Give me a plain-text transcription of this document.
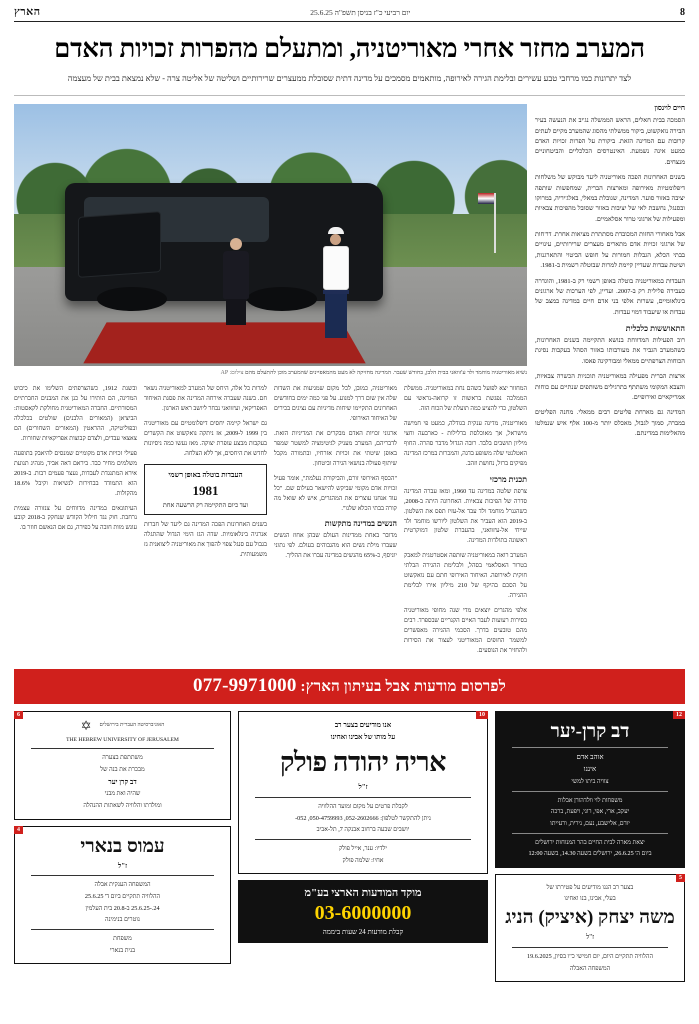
8
יום רביעי כ"ז בניסן תשפ"ה 25.6.25
הארץ
המערב מחזר אחרי מאוריטניה, ומתעלם מהפרות זכויות האדם
לצד יתרונות כמו מרחבי טבע עשירים ובלימת הגירה לאירופה, מותאמים מסמכים על מדינה דתית שסובלת ממעצרים שרירותיים ושליטה של אליטה צרה - שלא נמצאת בבית של מעצמה
חיים לוינסון

הסמכה בבית חאלים, הראש הממשלה נג'יב את הנעשה בעיר הבירה נואקשוט, ביקור ממשלתי מהסוג שהמערב מקיים לעתים קרובות עם המדינה הזאת. ביקורת על הפרות זכויות האדם כמעט אינה נשמעת. האינטרסים הכלכליים והביטחוניים מנצחים.

בשנים האחרונות הפכה מאוריטניה ליעד מבוקש של משלחות דיפלומטיות מאירופה ומארצות הברית, שמחפשות שותפה יציבה באזור סוער. המדינה, שגובלת במאלי, באלג'יריה, במרוקו ובסנגל, נחשבת לאי של יציבות באזור שסובל מהפיכות צבאיות ומפעילות של ארגוני טרור אסלאמיים.

אבל מאחורי החזות המכובדת מסתתרת מציאות אחרת. דו"חות של ארגוני זכויות אדם מתארים מעצרים שרירותיים, עינויים בבתי הכלא, הגבלות חמורות על חופש הביטוי והתארגנות, ושיטת עבדות שעדיין קיימת למרות שבוטלה רשמית ב-1981.

העבדות במאוריטניה בוטלה באופן רשמי רק ב-1981, והוגדרה כעבירה פלילית רק ב-2007. ועדיין, לפי הערכות של ארגונים בינלאומיים, עשרות אלפי בני אדם חיים במדינה במצב של עבדות או שיעבוד דמוי עבדות.

התאוששות כלכלית

רוב הפעילות המדווחת בנושא התקיימה בשנים האחרונות, כשהמערב הגביר את מעורבותו באזור הסהל בעקבות נסיגת הכוחות הצרפתיים ממאלי ומבורקינה פאסו.

ארצות הברית מפעילה במאוריטניה תוכניות הכשרה צבאיות, והצבא המקומי משתתף בתרגילים משותפים שנתיים עם כוחות אמריקאיים ואירופיים.

המדינה גם מארחת פליטים רבים ממאלי. מחנה הפליטים במברה, סמוך לגבול, מאכלס יותר מ-100 אלף איש שנמלטו מהאלימות במדינתם.

נשיא מאוריטניה מוחמד ולד ע'זוואני בבית הלבן, בחודש שעבר. המדינה מחזיקה לא מעט מהמאפיינים שהמערב מוכן להתעלם מהם צילום: AP

המחזור יצא לפועל כשהם נחת במאוריטניה. ממשלת הממלכה נפגשת בראשות זו קרואה-נראשי עם השלטון, כדי להציע כמה תועלת של הכוח הזה.

מאוריטניה, מדינה ענקית בגודלה, כמעט פי חמישה מישראל, אך מאוכלסת בדלילות - כארבעה וחצי מיליון תושבים בלבד. רובה הגדול מדבר סהרה. החוף האטלנטי שלה משופע בדגה, והמכרות במרכז המדינה מפיקים ברזל, נחושת וזהב.

תכנית מרכזי

צרפת שלטה במדינה עד 1960, ומאז עברה המדינה סדרה של הפיכות צבאיות. האחרונה היתה ב-2008, כשהגנרל מוחמד ולד עבד אל-עזיז תפס את השלטון. ב-2019 הוא העביר את השלטון ליורשו מוחמד ולד שייח' אל-ע'זוואני, בהעברת שלטון דמוקרטית ראשונה בתולדות המדינה.

המערב רואה במאוריטניה שותפה אסטרטגית למאבק בטרור האסלאמי בסהל, ולבלימת ההגירה הבלתי חוקית לאירופה. האיחוד האירופי חתם עם נואקשוט על הסכם בהיקף של 210 מיליון אירו לבלימת ההגירה.

אלפי מהגרים יוצאים מדי שנה מחופי מאוריטניה בסירות רעועות לעבר האיים הקנריים שבספרד. רבים מהם טובעים בדרך. הסכמי ההגירה מאפשרים למשמר החופים המאוריטני לעצור את הסירות ולהחזיר את הנוסעים.

מאוריטניה, כמובן, לכל מקום שמגיעות את השדות שלה אין שום דרך למנוע. על פני כמה ימים בחודשים האחרונים התקיימו שיחות מדיניות עם נציגים בכירים של האיחוד האירופי.

ארגוני זכויות האדם מבקרים את המדיניות הזאת. לדבריהם, המערב מעניק לגיטימציה למשטר שמפר באופן שיטתי את זכויות אזרחיו, ובתמורה מקבל שיתוף פעולה בנושאי הגירה וביטחון.

"הכסף האירופי זורם, והביקורת נעלמת", אומר פעיל זכויות אדם מקומי שביקש להישאר בעילום שם. "כל עוד אנחנו עוצרים את המהגרים, איש לא שואל מה קורה בבתי הכלא שלנו".

הנשים במדינה מתקשות

מדובר באחת ממדינות העולם שבהן אחוז הנשים שעברו מילת נשים הוא מהגבוהים בעולם. לפי נתוני יוניסף, כ-65% מהנשים במדינה עברו את ההליך.

למרות כל אלה, היחס של המערב למאוריטניה נשאר חם. בשנה שעברה אירחה המדינה את פסגת האיחוד האפריקאי, וע'זוואני נבחר ליושב ראש הארגון.

גם ישראל קיימה יחסים דיפלומטיים עם מאוריטניה בין 1999 ל-2009, אז ניתקה נואקשוט את הקשרים בעקבות מבצע עופרת יצוקה. מאז נעשו כמה ניסיונות לחדש את היחסים, אך ללא הצלחה.

העבדות בוטלה באופן רשמי
1981
ועד כיום התקיימה רק הרשעה אחת

בשנים האחרונות הפכה המדינה גם ליעד של חברות אנרגיה בינלאומיות. שדה הגז הימי הגדול שהתגלה בגבול עם סנגל צפוי להפוך את מאוריטניה ליצואנית גז משמעותית.

ובשנת 1912, כשהצרפתים השלימו את כיבוש המדינה, הם הותירו על כנן את המבנים החברתיים המסורתיים. החברה המאוריטנית מחולקת לקאסטות: הביצ'אן (המאורים הלבנים) שולטים בכלכלה ובפוליטיקה, ההראטין (המאורים השחורים) הם צאצאי עבדים, ולצדם קבוצות אפריקאיות שחורות.

פעילי זכויות אדם מקומיים שמנסים להיאבק בתופעה משלמים מחיר כבד. ביראם דאה אביד, מנהיג תנועת אירא המתנגדת לעבדות, נעצר פעמים רבות. ב-2019 הוא התמודד בבחירות לנשיאות וקיבל 18.6% מהקולות.

העיתונאים במדינה מדווחים על צנזורה עצמית נרחבת. חוק נגד חילול הקודש שנחקק ב-2018 קובע עונש מוות חובה על כפירה, גם אם הנאשם חוזר בו.

לפרסום מודעות אבל בעיתון הארץ: 077-9971000
12
דב קרן-יער
אוהב אדם
איננו
צוויה ביתו למשי
משפחות לוי וולדהורן אבלות
יעקב, ארי, אפי, רוני, ויפעת, ברכה
יורם, אלישבע, נעם, נירית, ורעייתו
יצאת מארה לבית החיים בהר המנוחות ירושלים
ביום ה' 26.6.25, ירושלים בשעה 14.30, בשעה 12:00
5
בצער רב הננו מודיעים על פטירתו של
בעלי, אבינו, בנו ואחינו
משה יצחק (איציק) הניג
ז"ל
ההלוויה תתקיים היום, יום חמישי כ"ו בסיון, 19.6.2025
המשפחה האבלה
10
אנו מודיעים בצער רב
על מותו של אבינו ואחינו
אריה יהודה פולק
ז"ל
לקבלת פרטים על מקום ומועד ההלוויה
ניתן להתקשר לטלפון: 052-2602666, 050-4759993, 052-
יושבים שבעה ברחוב אבנקה 7, תל-אביב
ילדיו: ענר, אייל פולק
אחיו: שלמה פולק
מוקד המודעות הארצי בע"מ
03-6000000
קבלת מודעות 24 שעות ביממה
6
האוניברסיטה העברית בירושלים
✡
THE HEBREW UNIVERSITY OF JERUSALEM
משתתפת בצערה
מבכרת את בנה של
דב קרן יער
שהיה ואת מבני
ומולדתו והלוויה לשאתות ההנהלה
4
עמוס בנארי
ז"ל
המשפחה הענקית אבלה
ההלוויה תתקיים ביום ד' 25.6.25
24.-25.6.25 ב-20.8 בית העלמין
נוטרים בנימינה
משפחת
בנית בנארי
